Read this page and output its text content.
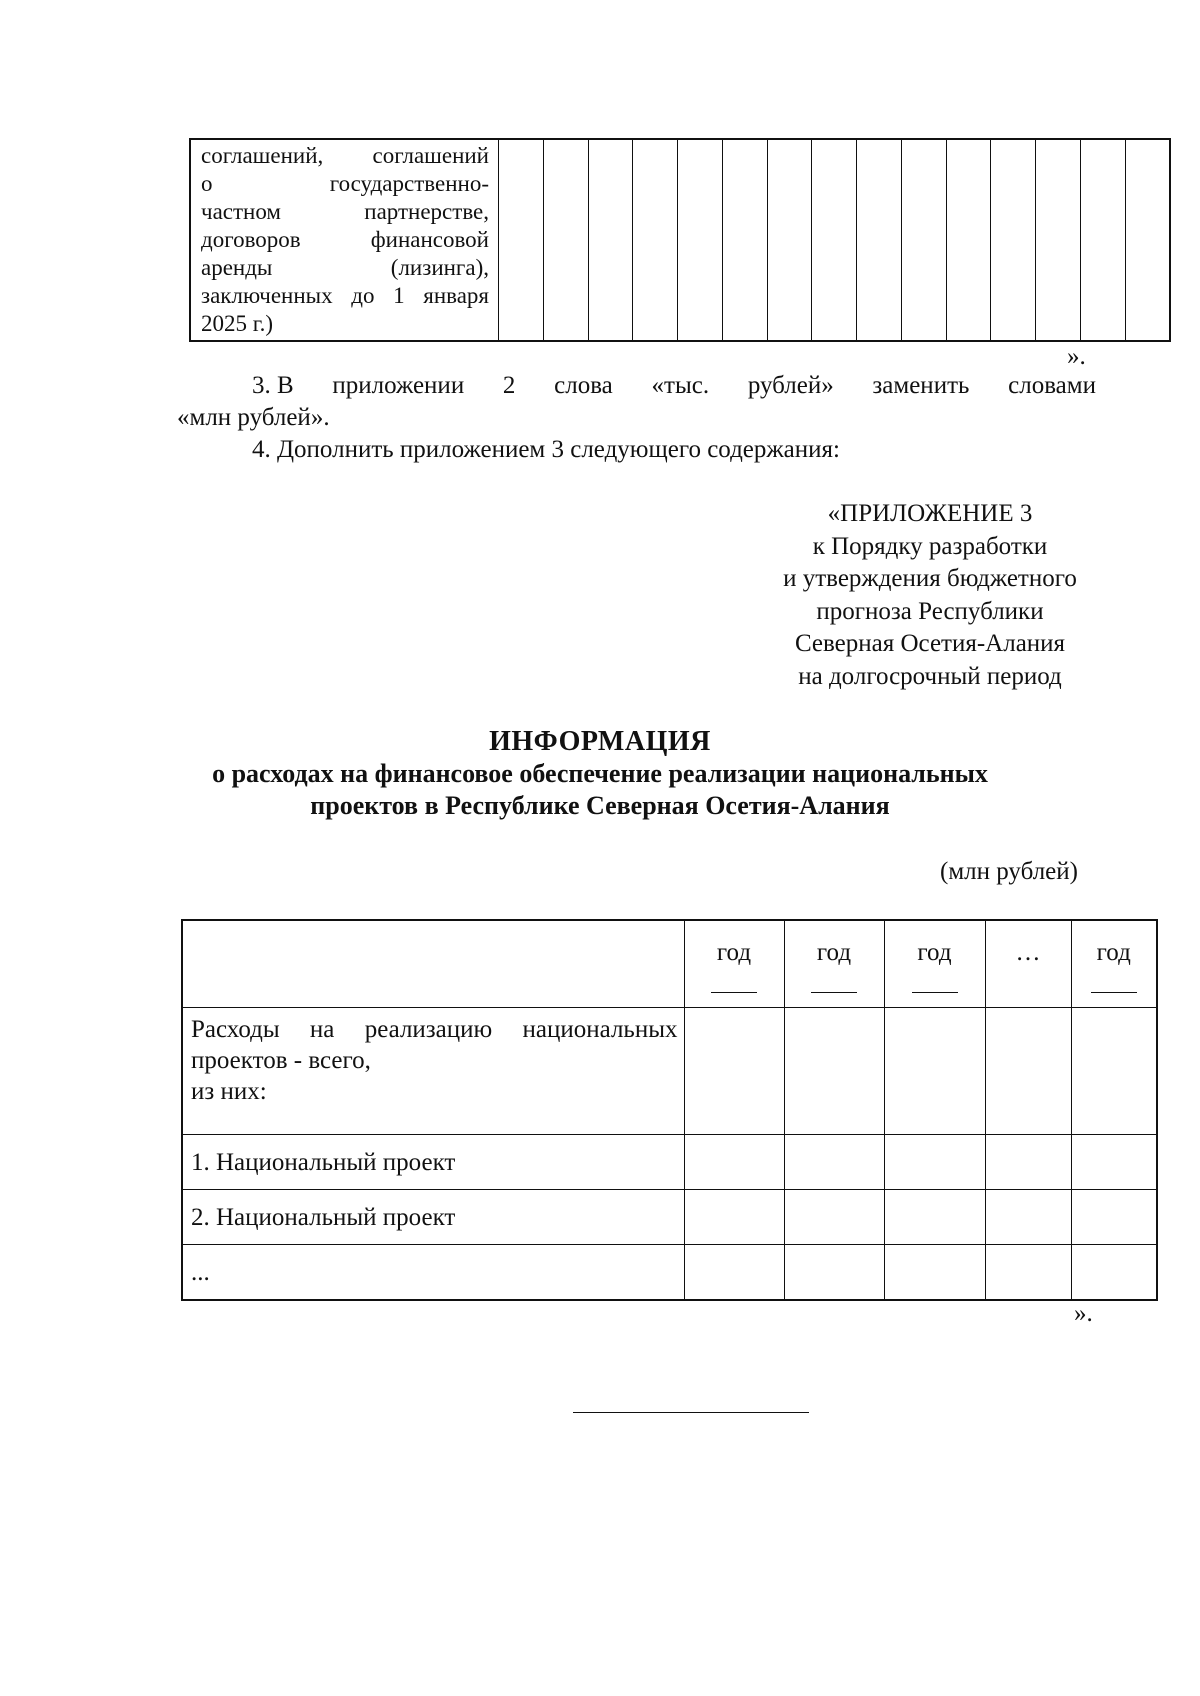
соглашений, соглашений
о государственно-
частном партнерстве,
договоров финансовой
аренды (лизинга),
заключенных до 1 января
2025 г.)

».
3. В приложении 2 слова «тыс. рублей» заменить словами
«млн рублей».
4. Дополнить приложением 3 следующего содержания:
«ПРИЛОЖЕНИЕ 3
к Порядку разработки
и утверждения бюджетного
прогноза Республики
Северная Осетия-Алания
на долгосрочный период
ИНФОРМАЦИЯ
о расходах на финансовое обеспечение реализации национальных
проектов в Республике Северная Осетия-Алания
(млн рублей)

	год	год	год	…	год

Расходы на реализацию национальных
проектов - всего,
из них:					

1. Национальный проект					
2. Национальный проект					
...					
».
